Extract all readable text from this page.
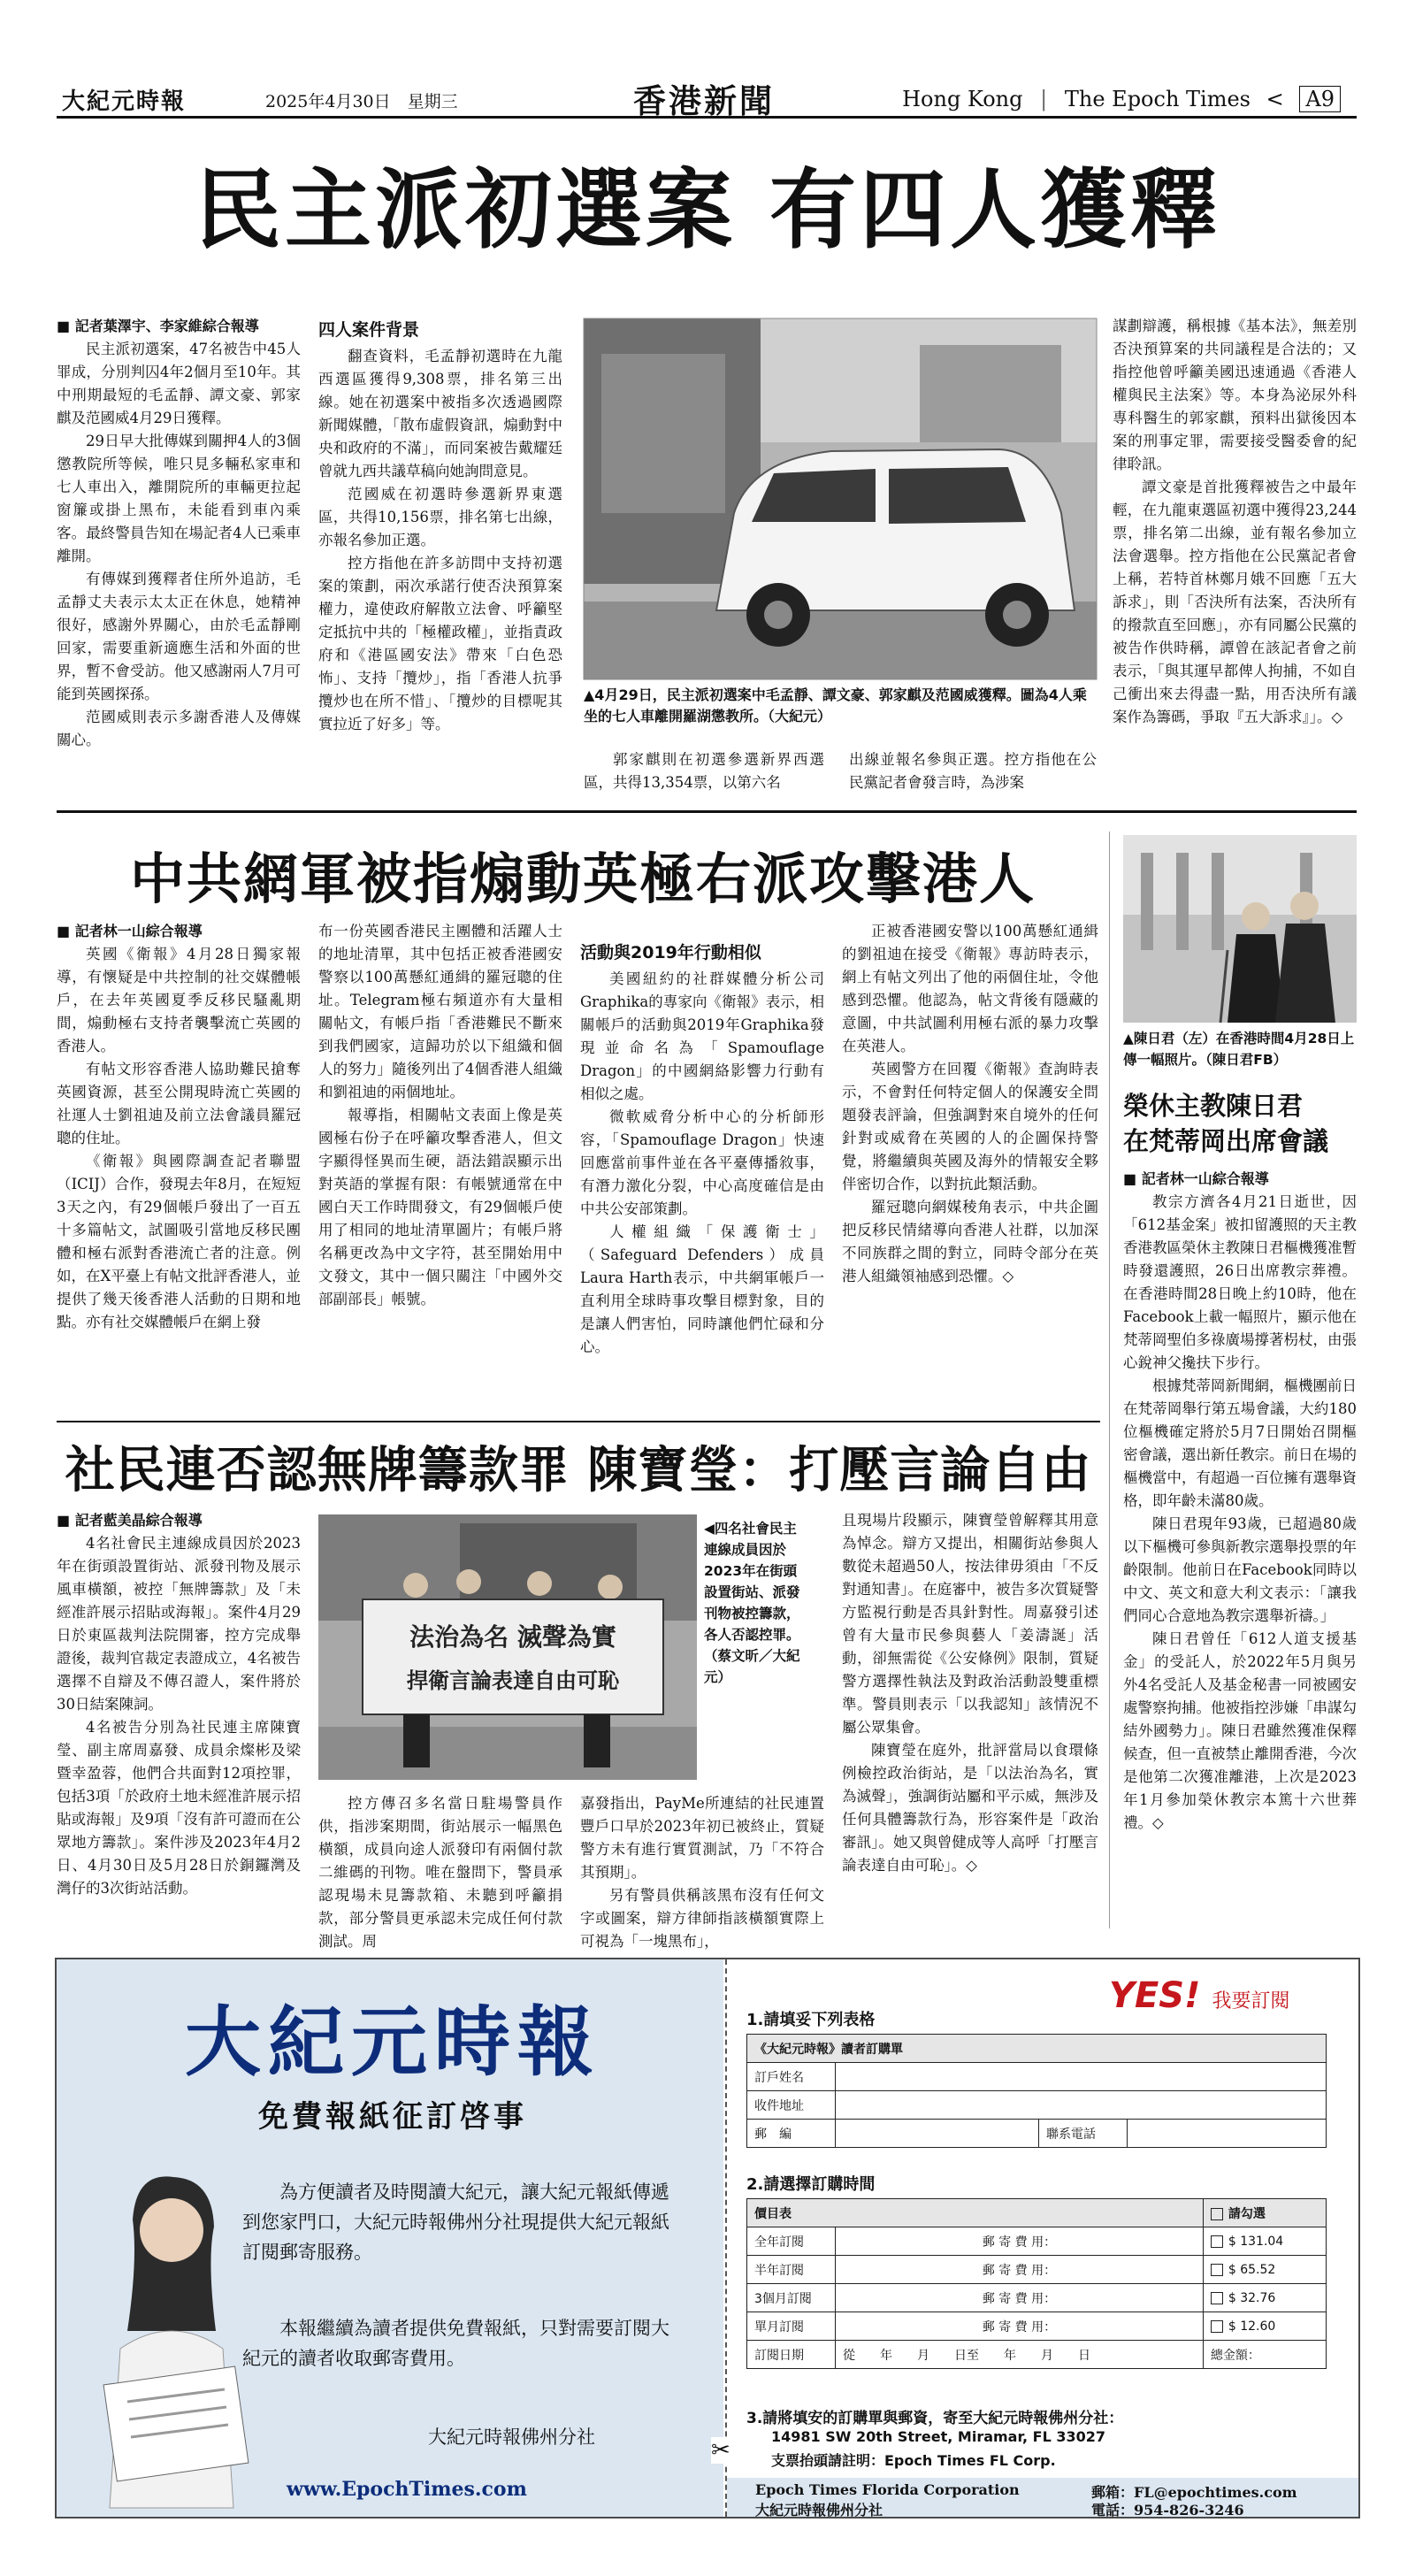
大紀元時報	2025年4月30日　星期三	香港新聞	Hong Kong | The Epoch Times < A9
民主派初選案 有四人獲釋

■ 記者葉澤宇、李家維綜合報導

民主派初選案，47名被告中45人罪成，分別判囚4年2個月至10年。其中刑期最短的毛孟靜、譚文豪、郭家麒及范國威4月29日獲釋。

29日早大批傳媒到關押4人的3個懲教院所等候，唯只見多輛私家車和七人車出入，離開院所的車輛更拉起窗簾或掛上黑布，未能看到車內乘客。最終警員告知在場記者4人已乘車離開。

有傳媒到獲釋者住所外追訪，毛孟靜丈夫表示太太正在休息，她精神很好，感謝外界關心，由於毛孟靜剛回家，需要重新適應生活和外面的世界，暫不會受訪。他又感謝兩人7月可能到英國探孫。

范國威則表示多謝香港人及傳媒關心。

四人案件背景

翻查資料，毛孟靜初選時在九龍西選區獲得9,308票，排名第三出線。她在初選案中被指多次透過國際新聞媒體，「散布虛假資訊，煽動對中央和政府的不滿」，而同案被告戴耀廷曾就九西共議草稿向她詢問意見。

范國威在初選時參選新界東選區，共得10,156票，排名第七出線，亦報名參加正選。

控方指他在許多訪問中支持初選案的策劃，兩次承諾行使否決預算案權力，違使政府解散立法會、呼籲堅定抵抗中共的「極權政權」，並指責政府和《港區國安法》帶來「白色恐怖」、支持「攬炒」，指「香港人抗爭攬炒也在所不惜」、「攬炒的目標呢其實拉近了好多」等。

▲4月29日，民主派初選案中毛孟靜、譚文豪、郭家麒及范國威獲釋。圖為4人乘坐的七人車離開羅湖懲教所。（大紀元）

郭家麒則在初選參選新界西選區，共得13,354票，以第六名

出線並報名參與正選。控方指他在公民黨記者會發言時，為涉案

謀劃辯護，稱根據《基本法》，無差別否決預算案的共同議程是合法的；又指控他曾呼籲美國迅速通過《香港人權與民主法案》等。本身為泌尿外科專科醫生的郭家麒，預料出獄後因本案的刑事定罪，需要接受醫委會的紀律聆訊。

譚文豪是首批獲釋被告之中最年輕，在九龍東選區初選中獲得23,244票，排名第二出線，並有報名參加立法會選舉。控方指他在公民黨記者會上稱，若特首林鄭月娥不回應「五大訴求」，則「否決所有法案，否決所有的撥款直至回應」，亦有同屬公民黨的被告作供時稱，譚曾在該記者會之前表示，「與其運早都俾人拘捕，不如自己衝出來去得盡一點，用否決所有議案作為籌碼，爭取『五大訴求』」。◇

中共網軍被指煽動英極右派攻擊港人

■ 記者林一山綜合報導

英國《衛報》4月28日獨家報導，有懷疑是中共控制的社交媒體帳戶，在去年英國夏季反移民騷亂期間，煽動極右支持者襲擊流亡英國的香港人。

有帖文形容香港人協助難民搶奪英國資源，甚至公開現時流亡英國的社運人士劉祖迪及前立法會議員羅冠聰的住址。

《衛報》與國際調查記者聯盟（ICIJ）合作，發現去年8月，在短短3天之內，有29個帳戶發出了一百五十多篇帖文，試圖吸引當地反移民團體和極右派對香港流亡者的注意。例如，在X平臺上有帖文批評香港人，並提供了幾天後香港人活動的日期和地點。亦有社交媒體帳戶在網上發

布一份英國香港民主團體和活躍人士的地址清單，其中包括正被香港國安警察以100萬懸紅通緝的羅冠聰的住址。Telegram極右頻道亦有大量相關帖文，有帳戶指「香港難民不斷來到我們國家，這歸功於以下組織和個人的努力」隨後列出了4個香港人組織和劉祖迪的兩個地址。

報導指，相關帖文表面上像是英國極右份子在呼籲攻擊香港人，但文字顯得怪異而生硬，語法錯誤顯示出對英語的掌握有限：有帳號通常在中國白天工作時間發文，有29個帳戶使用了相同的地址清單圖片；有帳戶將名稱更改為中文字符，甚至開始用中文發文，其中一個只關注「中國外交部副部長」帳號。

活動與2019年行動相似

美國紐約的社群媒體分析公司Graphika的專家向《衛報》表示，相關帳戶的活動與2019年Graphika發現並命名為「Spamouflage Dragon」的中國網絡影響力行動有相似之處。

微軟威脅分析中心的分析師形容，「Spamouflage Dragon」快速回應當前事件並在各平臺傳播敘事，有潛力激化分裂，中心高度確信是由中共公安部策劃。

人權組織「保護衛士」（Safeguard Defenders）成員Laura Harth表示，中共網軍帳戶一直利用全球時事攻擊目標對象，目的是讓人們害怕，同時讓他們忙碌和分心。

正被香港國安警以100萬懸紅通緝的劉祖迪在接受《衛報》專訪時表示，網上有帖文列出了他的兩個住址，令他感到恐懼。他認為，帖文背後有隱藏的意圖，中共試圖利用極右派的暴力攻擊在英港人。

英國警方在回覆《衛報》查詢時表示，不會對任何特定個人的保護安全問題發表評論，但強調對來自境外的任何針對或威脅在英國的人的企圖保持警覺，將繼續與英國及海外的情報安全夥伴密切合作，以對抗此類活動。

羅冠聰向網媒稜角表示，中共企圖把反移民情緒導向香港人社群，以加深不同族群之間的對立，同時令部分在英港人組織領袖感到恐懼。◇

▲陳日君（左）在香港時間4月28日上傳一幅照片。（陳日君FB）
榮休主教陳日君
在梵蒂岡出席會議

■ 記者林一山綜合報導

教宗方濟各4月21日逝世，因「612基金案」被扣留護照的天主教香港教區榮休主教陳日君樞機獲准暫時發還護照，26日出席教宗葬禮。在香港時間28日晚上約10時，他在Facebook上載一幅照片，顯示他在梵蒂岡聖伯多祿廣場撐著枴杖，由張心銳神父攙扶下步行。

根據梵蒂岡新聞網，樞機團前日在梵蒂岡舉行第五場會議，大約180位樞機確定將於5月7日開始召開樞密會議，選出新任教宗。前日在場的樞機當中，有超過一百位擁有選舉資格，即年齡未滿80歲。

陳日君現年93歲，已超過80歲以下樞機可參與新教宗選舉投票的年齡限制。他前日在Facebook同時以中文、英文和意大利文表示：「讓我們同心合意地為教宗選舉祈禱。」

陳日君曾任「612人道支援基金」的受託人，於2022年5月與另外4名受託人及基金秘書一同被國安處警察拘捕。他被指控涉嫌「串謀勾結外國勢力」。陳日君雖然獲准保釋候查，但一直被禁止離開香港，今次是他第二次獲准離港，上次是2023年1月參加榮休教宗本篤十六世葬禮。◇

社民連否認無牌籌款罪 陳寶瑩：打壓言論自由

■ 記者藍美晶綜合報導

4名社會民主連線成員因於2023年在街頭設置街站、派發刊物及展示風車橫額，被控「無牌籌款」及「未經准許展示招貼或海報」。案件4月29日於東區裁判法院開審，控方完成舉證後，裁判官裁定表證成立，4名被告選擇不自辯及不傳召證人，案件將於30日結案陳詞。

4名被告分別為社民連主席陳寶瑩、副主席周嘉發、成員余燦彬及梁暨幸盈蓉，他們合共面對12項控罪，包括3項「於政府土地未經准許展示招貼或海報」及9項「沒有許可證而在公眾地方籌款」。案件涉及2023年4月2日、4月30日及5月28日於銅鑼灣及灣仔的3次街站活動。

法治為名 滅聲為實
捍衛言論表達自由可恥
◀四名社會民主連線成員因於2023年在街頭設置街站、派發刊物被控籌款，各人否認控罪。（蔡文昕／大紀元）

控方傳召多名當日駐場警員作供，指涉案期間，街站展示一幅黑色橫額，成員向途人派發印有兩個付款二維碼的刊物。唯在盤問下，警員承認現場未見籌款箱、未聽到呼籲捐款，部分警員更承認未完成任何付款測試。周

嘉發指出，PayMe所連結的社民連置豐戶口早於2023年初已被終止，質疑警方未有進行實質測試，乃「不符合其預期」。

另有警員供稱該黑布沒有任何文字或圖案，辯方律師指該橫額實際上可視為「一塊黑布」，

且現場片段顯示，陳寶瑩曾解釋其用意為悼念。辯方又提出，相關街站參與人數從未超過50人，按法律毋須由「不反對通知書」。在庭審中，被告多次質疑警方監視行動是否具針對性。周嘉發引述曾有大量市民參與藝人「姜濤誕」活動，卻無需從《公安條例》限制，質疑警方選擇性執法及對政治活動設雙重標準。警員則表示「以我認知」該情況不屬公眾集會。

陳寶瑩在庭外，批評當局以食環條例檢控政治街站，是「以法治為名，實為滅聲」，強調街站屬和平示威，無涉及任何具體籌款行為，形容案件是「政治審訊」。她又與曾健成等人高呼「打壓言論表達自由可恥」。◇

大紀元時報
免費報紙征訂啓事
為方便讀者及時閱讀大紀元，讓大紀元報紙傳遞到您家門口，大紀元時報佛州分社現提供大紀元報紙訂閱郵寄服務。
本報繼續為讀者提供免費報紙，只對需要訂閱大紀元的讀者收取郵寄費用。
大紀元時報佛州分社
www.EpochTimes.com
YES! 我要訂閱
1.請填妥下列表格
《大紀元時報》讀者訂購單			
訂戶姓名			
收件地址			
郵　編		聯系電話	
2.請選擇訂購時間
價目表		請勾選
全年訂閱	郵 寄 費 用：	$ 131.04
半年訂閱	郵 寄 費 用：	$ 65.52
3個月訂閱	郵 寄 費 用：	$ 32.76
單月訂閱	郵 寄 費 用：	$ 12.60
訂閱日期	從　　年　　月　　日至　　年　　月　　日	總金額：
3.請將填安的訂購單與郵資，寄至大紀元時報佛州分社：
14981 SW 20th Street, Miramar, FL 33027
支票抬頭請註明：Epoch Times FL Corp.
✂
Epoch Times Florida Corporation
大紀元時報佛州分社
郵箱：FL@epochtimes.com
電話：954-826-3246
